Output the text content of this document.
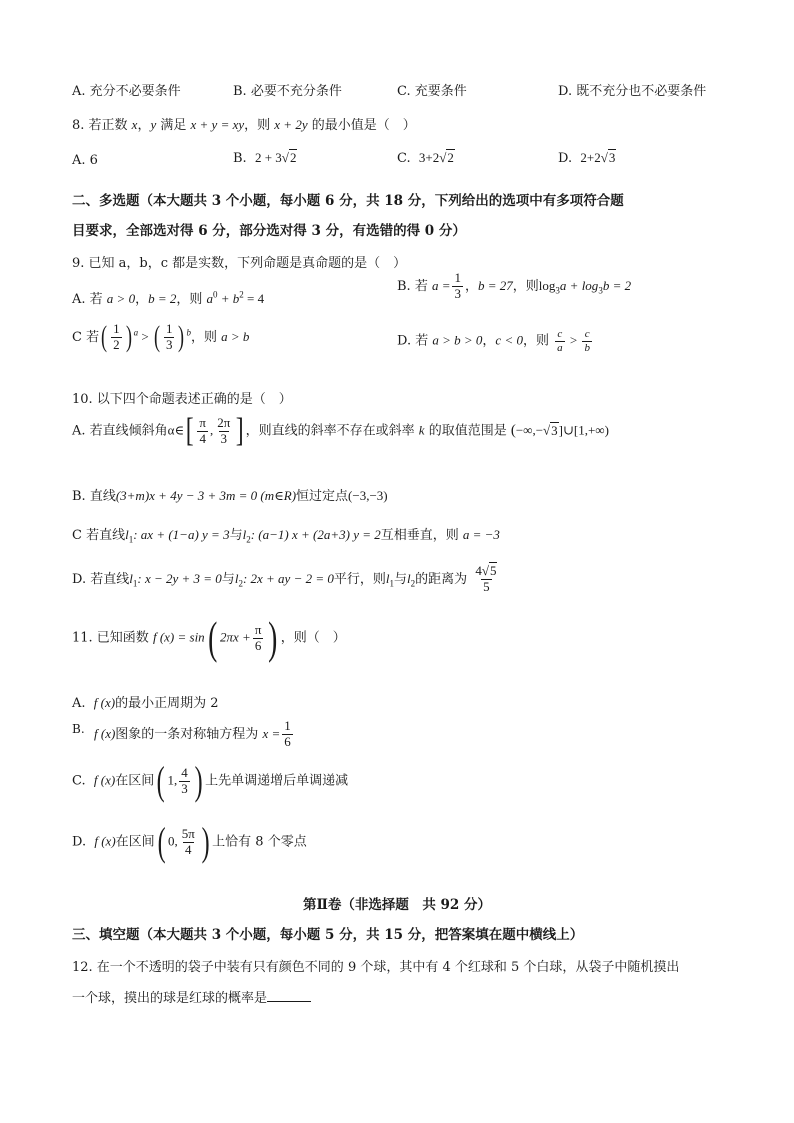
A. 充分不必要条件	B. 必要不充分条件	C. 充要条件	D. 既不充分也不必要条件
8. 若正数 x，y 满足 x + y = xy，则 x + 2y 的最小值是（　）
A. 6	B. 2 + 3√2	C. 3+2√2	D. 2+2√3
二、多选题（本大题共 3 个小题，每小题 6 分，共 18 分，下列给出的选项中有多项符合题
目要求，全部选对得 6 分，部分选对得 3 分，有选错的得 0 分）
9. 已知 a，b，c 都是实数，下列命题是真命题的是（　）
A. 若 a > 0，b = 2，则 $a^0 + b^2 = 4$
B. 若 $a = \frac{1}{3}$ ，b = 27，则$\log_3a + \log_3b = 2$
C 若( $\frac{1}{2}$ ) $^a$ > ( $\frac{1}{3}$ ) $^b$，则 a > b	D. 若 a > b > 0，c < 0，则 $\frac{c}{a} > \frac{c}{b}$
10. 以下四个命题表述正确的是（　）
A. 若直线倾斜角α∈[ $\frac{\pi}{4}$ , $\frac{2\pi}{3}$ ] ，则直线的斜率不存在或斜率 k 的取值范围是 (−∞,−√3]∪[1,+∞)
B. 直线(3+m)x + 4y − 3 + 3m = 0 (m∈R)恒过定点(−3,−3)
C 若直线$l_1$: ax + (1−a) y = 3与$l_2$: (a−1) x + (2a+3) y = 2互相垂直，则 a = −3
D. 若直线$l_1$: x − 2y + 3 = 0与$l_2$: 2x + ay − 2 = 0平行，则$l_1$与$l_2$的距离为 $\frac{4√5}{5}$
11. 已知函数 f (x) = sin( $2\pi x + \frac{\pi}{6}$ ) ，则（　）
A. f (x)的最小正周期为 2
B. f (x)图象的一条对称轴方程为 $x = \frac{1}{6}$
C. f (x)在区间( 1, $\frac{4}{3}$ ) 上先单调递增后单调递减
D. f (x)在区间( 0, $\frac{5\pi}{4}$ ) 上恰有 8 个零点
第Ⅱ卷（非选择题　共 92 分）
三、填空题（本大题共 3 个小题，每小题 5 分，共 15 分，把答案填在题中横线上）
12. 在一个不透明的袋子中装有只有颜色不同的 9 个球，其中有 4 个红球和 5 个白球，从袋子中随机摸出
一个球，摸出的球是红球的概率是
